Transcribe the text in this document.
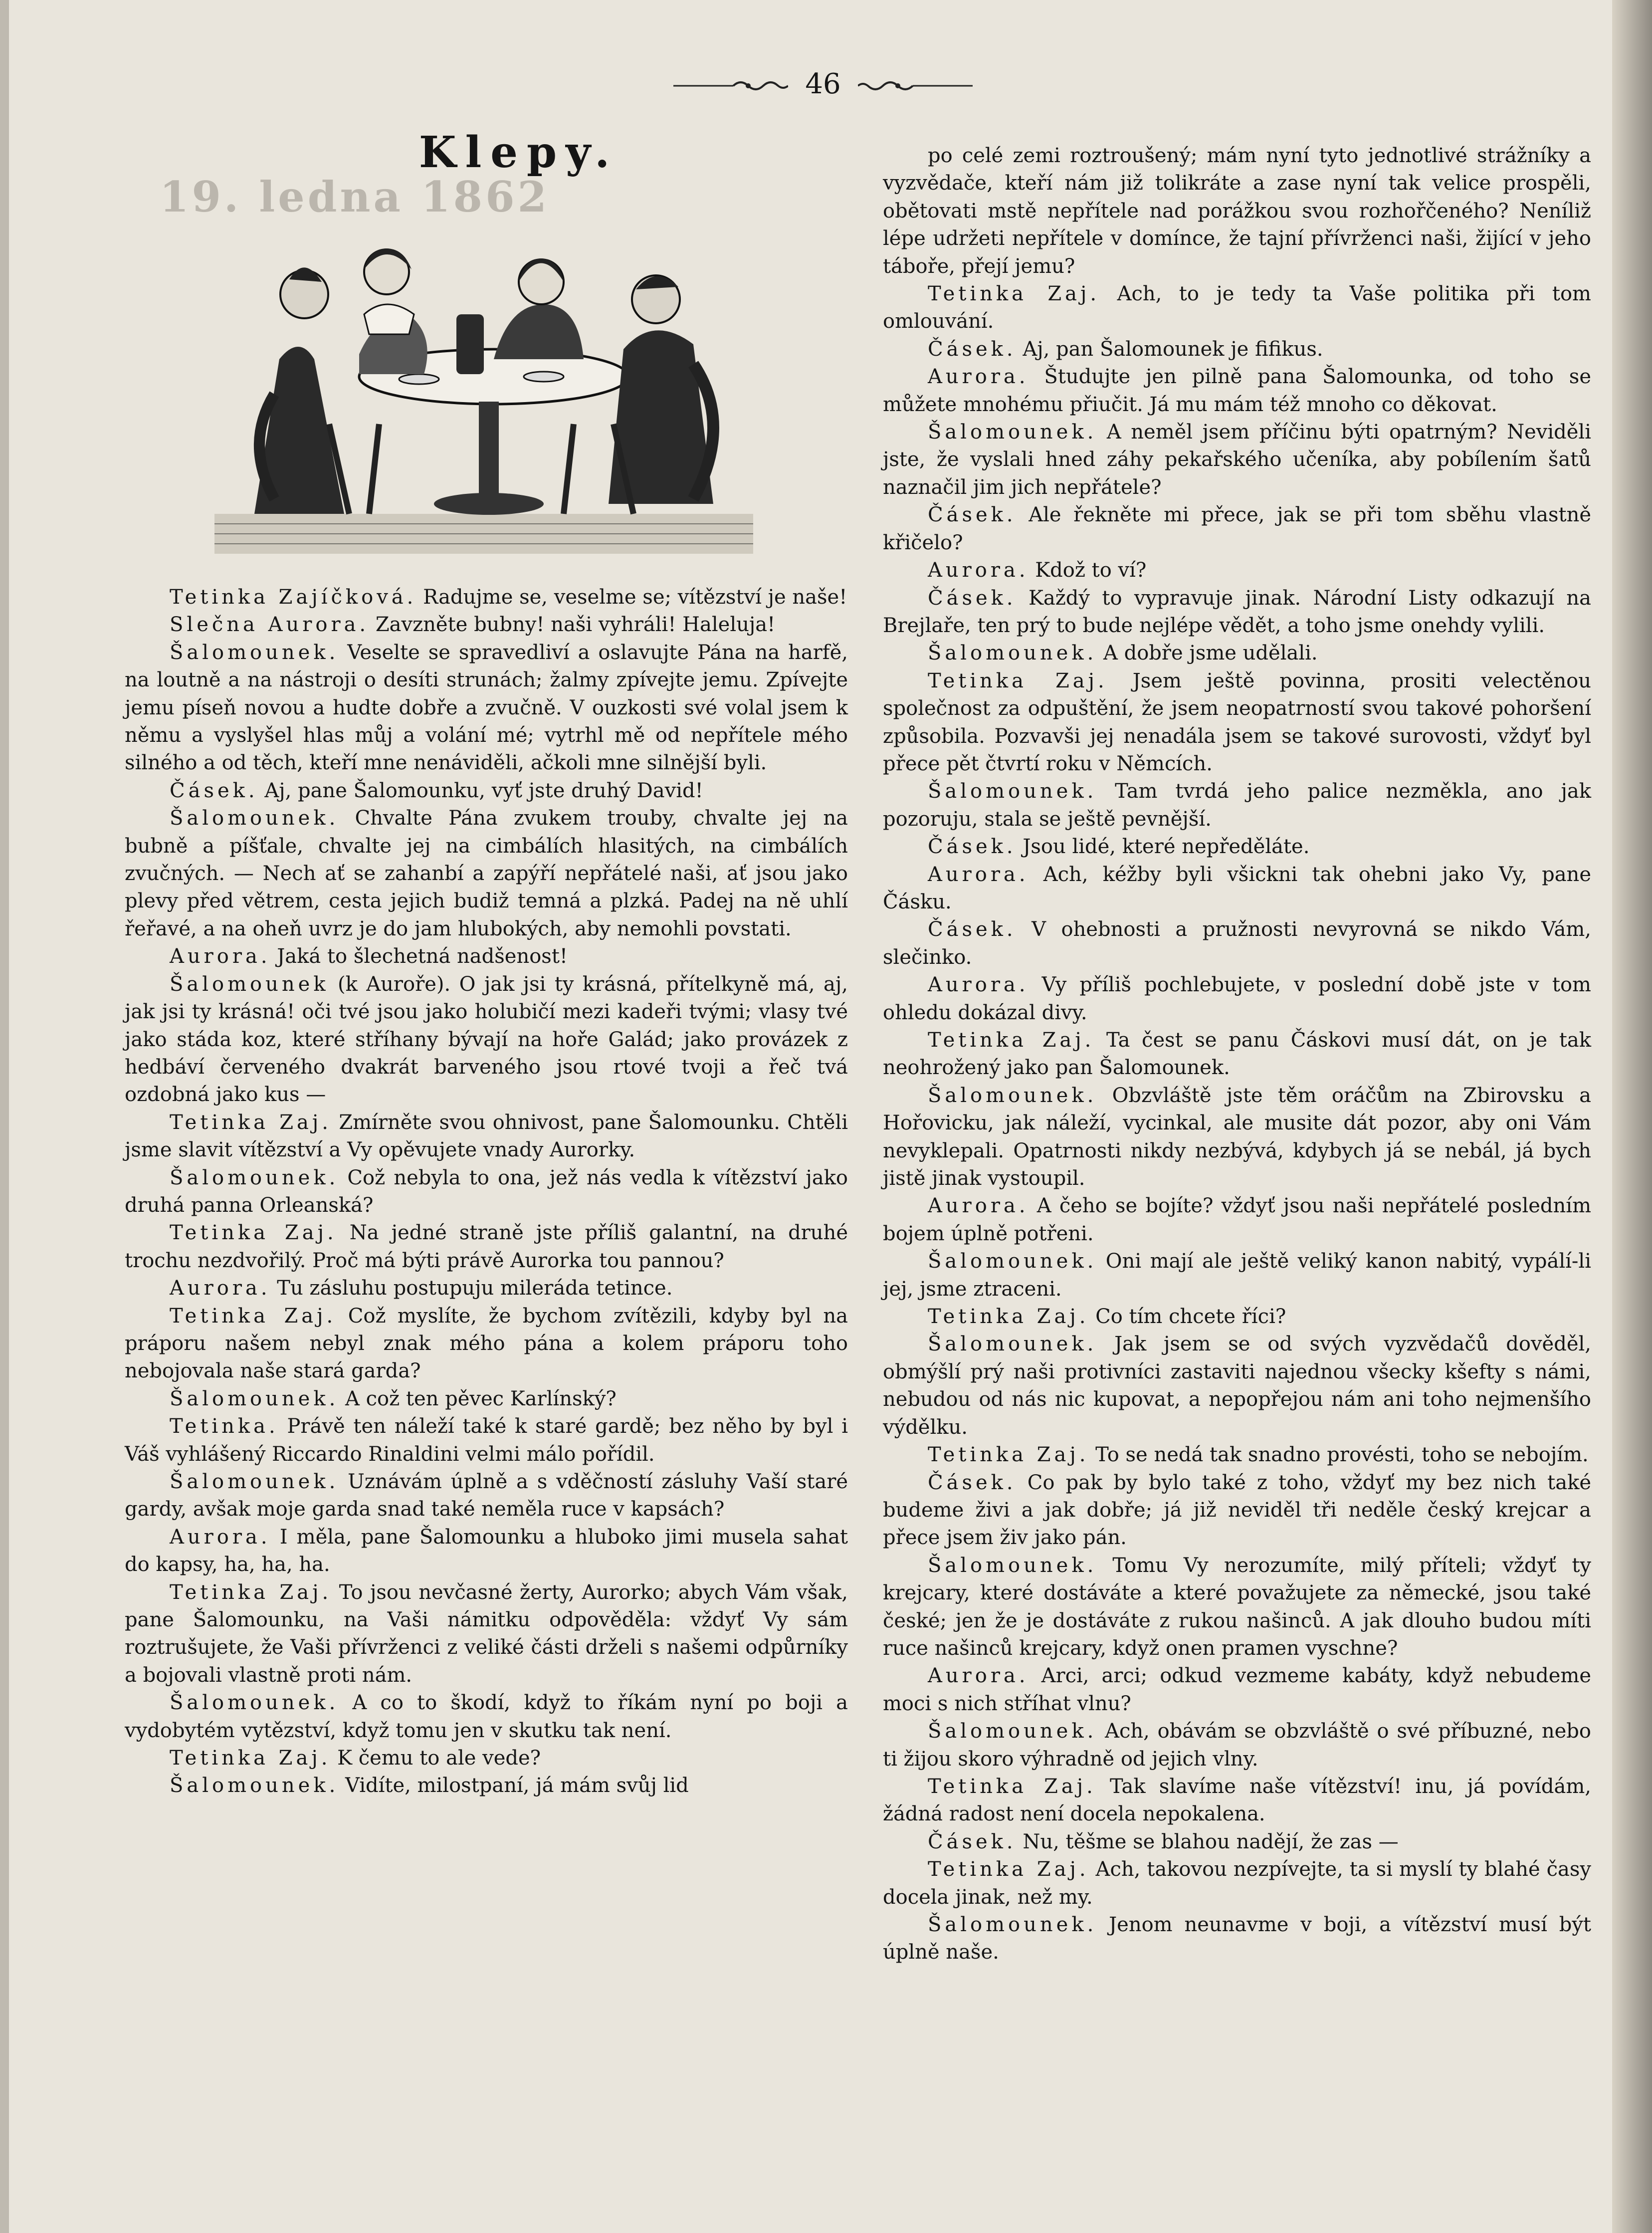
46
19. ledna 1862
Klepy.

Tetinka Zajíčková. Radujme se, veselme se; vítězství je naše!

Slečna Aurora. Zavzněte bubny! naši vyhráli! Haleluja!

Šalomounek. Veselte se spravedliví a oslavujte Pána na harfě, na loutně a na nástroji o desíti strunách; žalmy zpívejte jemu. Zpívejte jemu píseň novou a hudte dobře a zvučně. V ouzkosti své volal jsem k němu a vyslyšel hlas můj a volání mé; vytrhl mě od nepřítele mého silného a od těch, kteří mne nenáviděli, ačkoli mne silnější byli.

Čásek. Aj, pane Šalomounku, vyť jste druhý David!

Šalomounek. Chvalte Pána zvukem trouby, chvalte jej na bubně a píšťale, chvalte jej na cimbálích hlasitých, na cimbálích zvučných. — Nech ať se zahanbí a zapýří nepřátelé naši, ať jsou jako plevy před větrem, cesta jejich budiž temná a plzká. Padej na ně uhlí řeřavé, a na oheň uvrz je do jam hlubokých, aby nemohli povstati.

Aurora. Jaká to šlechetná nadšenost!

Šalomounek (k Auroře). O jak jsi ty krásná, přítelkyně má, aj, jak jsi ty krásná! oči tvé jsou jako holubičí mezi kadeři tvými; vlasy tvé jako stáda koz, které stříhany bývají na hoře Galád; jako provázek z hedbáví červeného dvakrát barveného jsou rtové tvoji a řeč tvá ozdobná jako kus —

Tetinka Zaj. Zmírněte svou ohnivost, pane Šalomounku. Chtěli jsme slavit vítězství a Vy opěvujete vnady Aurorky.

Šalomounek. Což nebyla to ona, jež nás vedla k vítězství jako druhá panna Orleanská?

Tetinka Zaj. Na jedné straně jste příliš galantní, na druhé trochu nezdvořilý. Proč má býti právě Aurorka tou pannou?

Aurora. Tu zásluhu postupuju mileráda tetince.

Tetinka Zaj. Což myslíte, že bychom zvítězili, kdyby byl na práporu našem nebyl znak mého pána a kolem práporu toho nebojovala naše stará garda?

Šalomounek. A což ten pěvec Karlínský?

Tetinka. Právě ten náleží také k staré gardě; bez něho by byl i Váš vyhlášený Riccardo Rinaldini velmi málo pořídil.

Šalomounek. Uznávám úplně a s vděčností zásluhy Vaší staré gardy, avšak moje garda snad také neměla ruce v kapsách?

Aurora. I měla, pane Šalomounku a hluboko jimi musela sahat do kapsy, ha, ha, ha.

Tetinka Zaj. To jsou nevčasné žerty, Aurorko; abych Vám však, pane Šalomounku, na Vaši námitku odpověděla: vždyť Vy sám roztrušujete, že Vaši přívrženci z veliké části drželi s našemi odpůrníky a bojovali vlastně proti nám.

Šalomounek. A co to škodí, když to říkám nyní po boji a vydobytém vytězství, když tomu jen v skutku tak není.

Tetinka Zaj. K čemu to ale vede?

Šalomounek. Vidíte, milostpaní, já mám svůj lid

po celé zemi roztroušený; mám nyní tyto jednotlivé strážníky a vyzvědače, kteří nám již tolikráte a zase nyní tak velice prospěli, obětovati mstě nepřítele nad porážkou svou rozhořčeného? Neníliž lépe udržeti nepřítele v domínce, že tajní přívrženci naši, žijící v jeho táboře, přejí jemu?

Tetinka Zaj. Ach, to je tedy ta Vaše politika při tom omlouvání.

Čásek. Aj, pan Šalomounek je fifikus.

Aurora. Študujte jen pilně pana Šalomounka, od toho se můžete mnohému přiučit. Já mu mám též mnoho co děkovat.

Šalomounek. A neměl jsem příčinu býti opatrným? Neviděli jste, že vyslali hned záhy pekařského učeníka, aby pobílením šatů naznačil jim jich nepřátele?

Čásek. Ale řekněte mi přece, jak se při tom sběhu vlastně křičelo?

Aurora. Kdož to ví?

Čásek. Každý to vypravuje jinak. Národní Listy odkazují na Brejlaře, ten prý to bude nejlépe vědět, a toho jsme onehdy vylili.

Šalomounek. A dobře jsme udělali.

Tetinka Zaj. Jsem ještě povinna, prositi velectěnou společnost za odpuštění, že jsem neopatrností svou takové pohoršení způsobila. Pozvavši jej nenadála jsem se takové surovosti, vždyť byl přece pět čtvrtí roku v Němcích.

Šalomounek. Tam tvrdá jeho palice nezměkla, ano jak pozoruju, stala se ještě pevnější.

Čásek. Jsou lidé, které nepředěláte.

Aurora. Ach, kéžby byli všickni tak ohebni jako Vy, pane Čásku.

Čásek. V ohebnosti a pružnosti nevyrovná se nikdo Vám, slečinko.

Aurora. Vy příliš pochlebujete, v poslední době jste v tom ohledu dokázal divy.

Tetinka Zaj. Ta čest se panu Čáskovi musí dát, on je tak neohrožený jako pan Šalomounek.

Šalomounek. Obzvláště jste těm oráčům na Zbirovsku a Hořovicku, jak náleží, vycinkal, ale musite dát pozor, aby oni Vám nevyklepali. Opatrnosti nikdy nezbývá, kdybych já se nebál, já bych jistě jinak vystoupil.

Aurora. A čeho se bojíte? vždyť jsou naši nepřátelé posledním bojem úplně potřeni.

Šalomounek. Oni mají ale ještě veliký kanon nabitý, vypálí-li jej, jsme ztraceni.

Tetinka Zaj. Co tím chcete říci?

Šalomounek. Jak jsem se od svých vyzvědačů dověděl, obmýšlí prý naši protivníci zastaviti najednou všecky kšefty s námi, nebudou od nás nic kupovat, a nepopřejou nám ani toho nejmenšího výdělku.

Tetinka Zaj. To se nedá tak snadno provésti, toho se nebojím.

Čásek. Co pak by bylo také z toho, vždyť my bez nich také budeme živi a jak dobře; já již neviděl tři neděle český krejcar a přece jsem živ jako pán.

Šalomounek. Tomu Vy nerozumíte, milý příteli; vždyť ty krejcary, které dostáváte a které považujete za německé, jsou také české; jen že je dostáváte z rukou našinců. A jak dlouho budou míti ruce našinců krejcary, když onen pramen vyschne?

Aurora. Arci, arci; odkud vezmeme kabáty, když nebudeme moci s nich stříhat vlnu?

Šalomounek. Ach, obávám se obzvláště o své příbuzné, nebo ti žijou skoro výhradně od jejich vlny.

Tetinka Zaj. Tak slavíme naše vítězství! inu, já povídám, žádná radost není docela nepokalena.

Čásek. Nu, těšme se blahou nadějí, že zas —

Tetinka Zaj. Ach, takovou nezpívejte, ta si myslí ty blahé časy docela jinak, než my.

Šalomounek. Jenom neunavme v boji, a vítězství musí být úplně naše.
